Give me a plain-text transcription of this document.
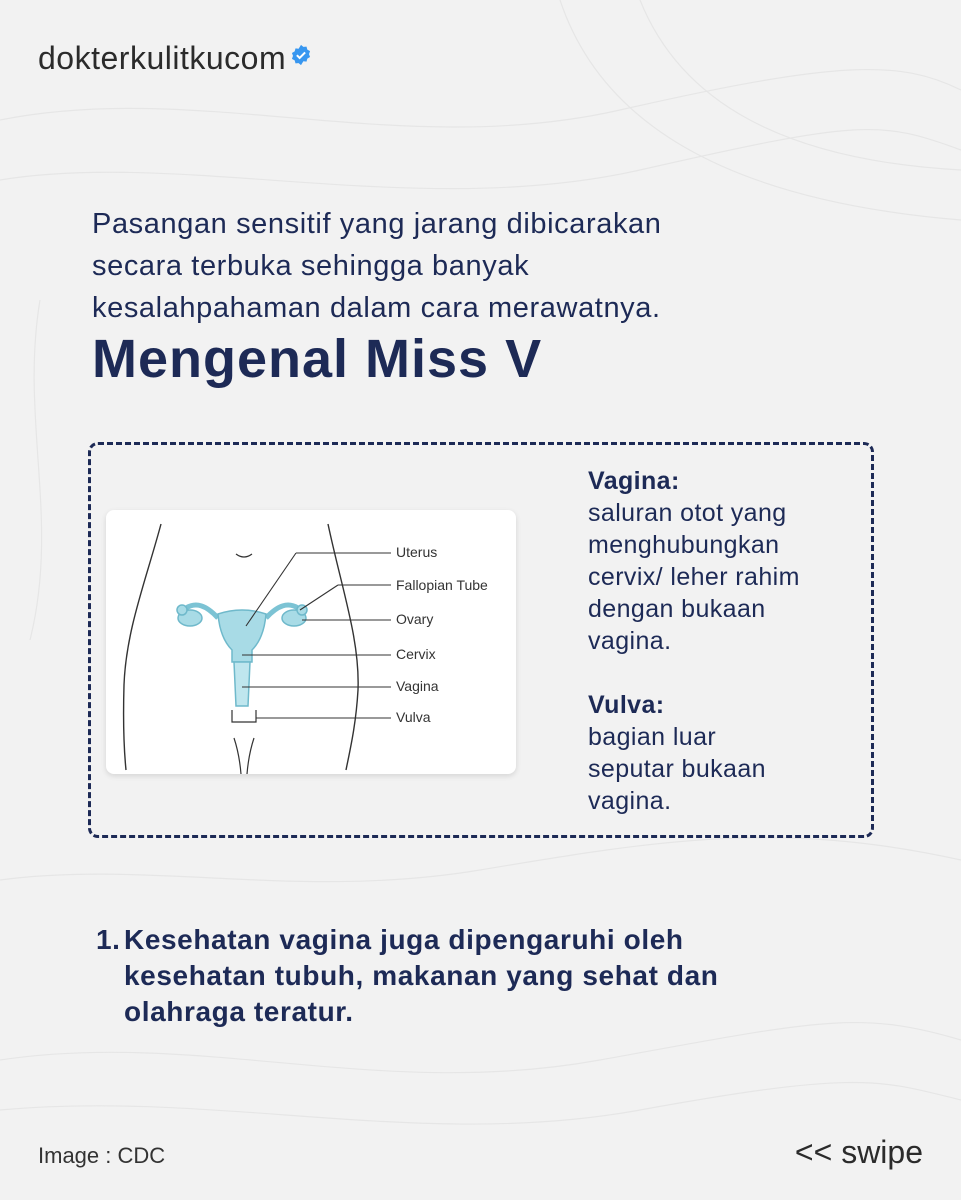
dokterkulitkucom
Pasangan sensitif yang jarang dibicarakan
secara terbuka sehingga banyak
kesalahpahaman dalam cara merawatnya.
Mengenal Miss V
Uterus
Fallopian Tube
Ovary
Cervix
Vagina
Vulva
Vagina:
saluran otot yang
menghubungkan
cervix/ leher rahim
dengan bukaan
vagina.
Vulva:
bagian luar
seputar bukaan
vagina.
1. Kesehatan vagina juga dipengaruhi oleh
kesehatan tubuh, makanan yang sehat dan
olahraga teratur.
Image : CDC	<< swipe
